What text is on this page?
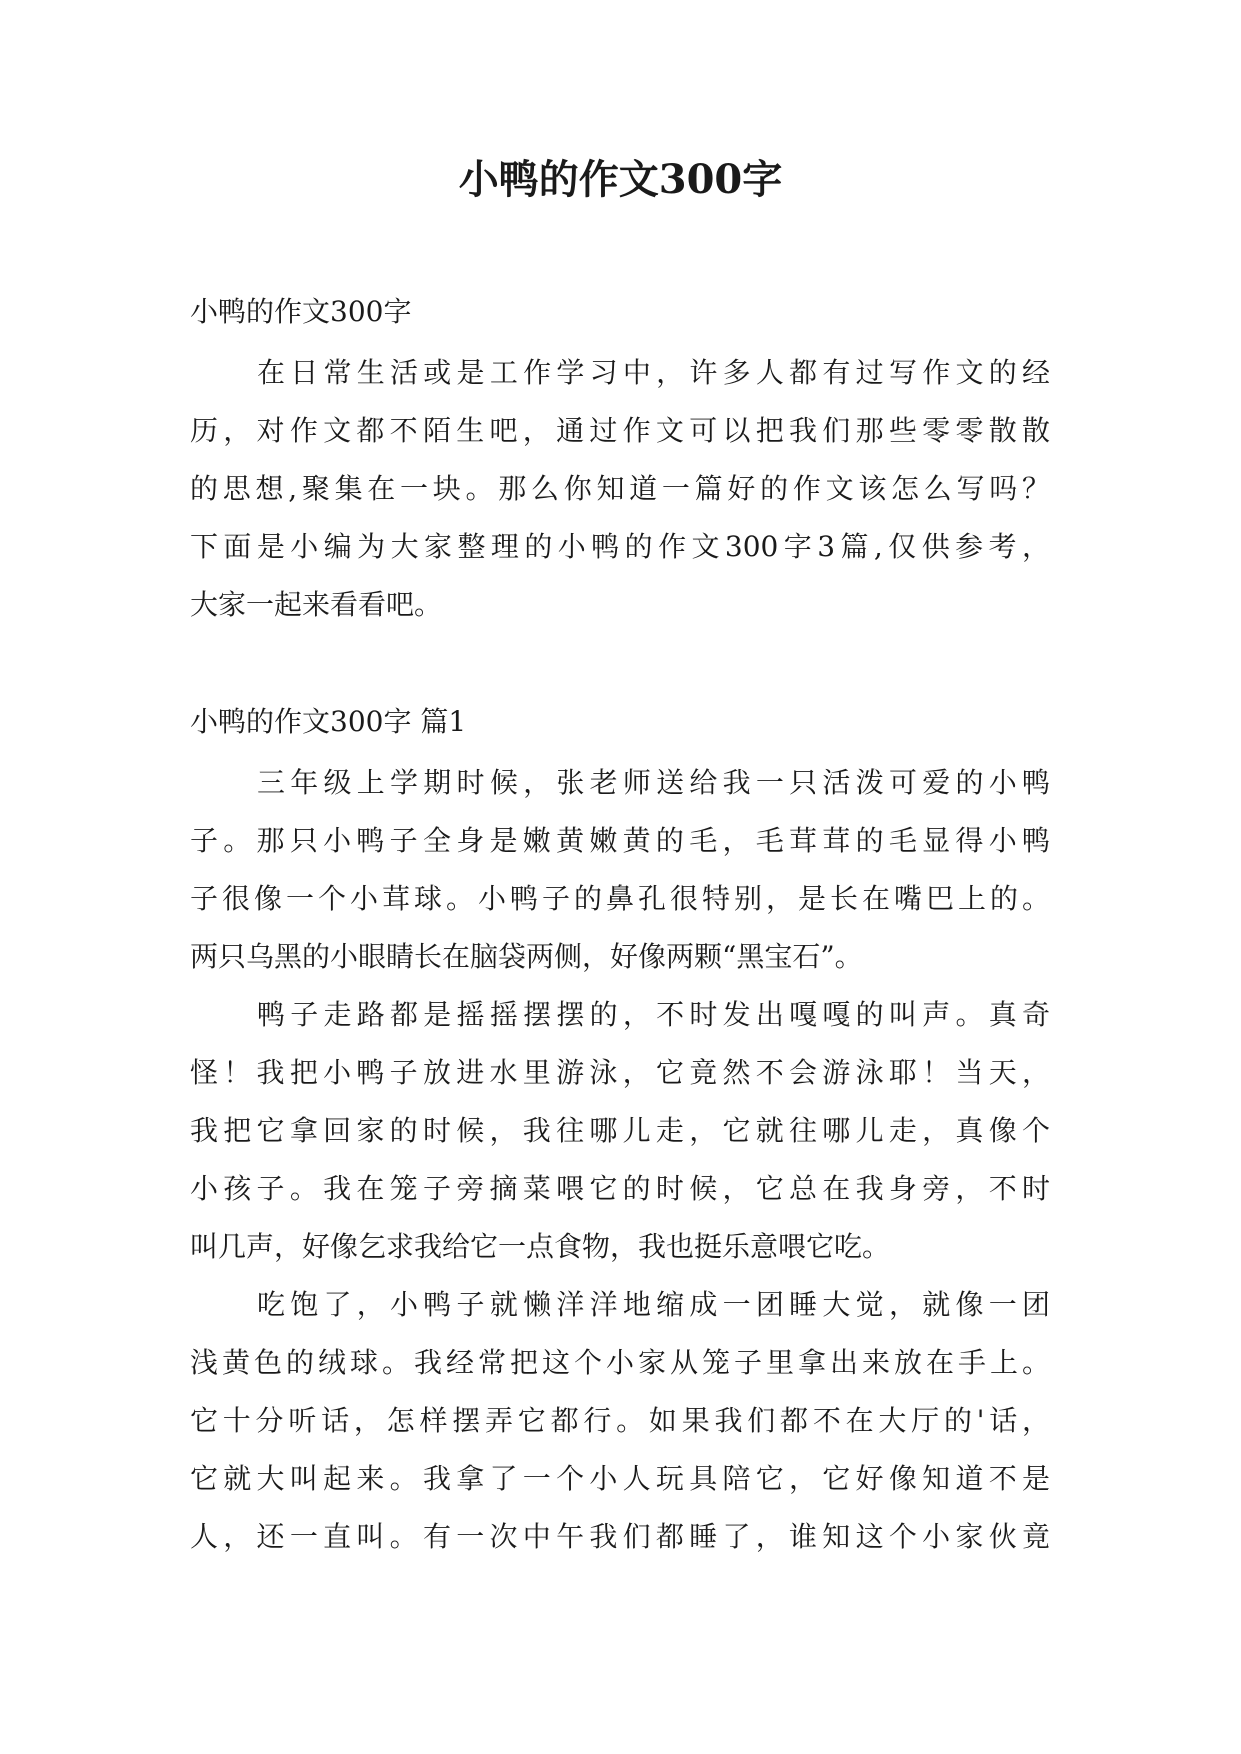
小鸭的作文300字
小鸭的作文300字
在日常生活或是工作学习中，许多人都有过写作文的经
历，对作文都不陌生吧，通过作文可以把我们那些零零散散
的思想,聚集在一块。那么你知道一篇好的作文该怎么写吗？
下面是小编为大家整理的小鸭的作文300字3篇,仅供参考，
大家一起来看看吧。
小鸭的作文300字 篇1
三年级上学期时候，张老师送给我一只活泼可爱的小鸭
子。那只小鸭子全身是嫩黄嫩黄的毛，毛茸茸的毛显得小鸭
子很像一个小茸球。小鸭子的鼻孔很特别，是长在嘴巴上的。
两只乌黑的小眼睛长在脑袋两侧，好像两颗“黑宝石”。
鸭子走路都是摇摇摆摆的，不时发出嘎嘎的叫声。真奇
怪！我把小鸭子放进水里游泳，它竟然不会游泳耶！当天，
我把它拿回家的时候，我往哪儿走，它就往哪儿走，真像个
小孩子。我在笼子旁摘菜喂它的时候，它总在我身旁，不时
叫几声，好像乞求我给它一点食物，我也挺乐意喂它吃。
吃饱了，小鸭子就懒洋洋地缩成一团睡大觉，就像一团
浅黄色的绒球。我经常把这个小家从笼子里拿出来放在手上。
它十分听话，怎样摆弄它都行。如果我们都不在大厅的'话，
它就大叫起来。我拿了一个小人玩具陪它，它好像知道不是
人，还一直叫。有一次中午我们都睡了，谁知这个小家伙竟
